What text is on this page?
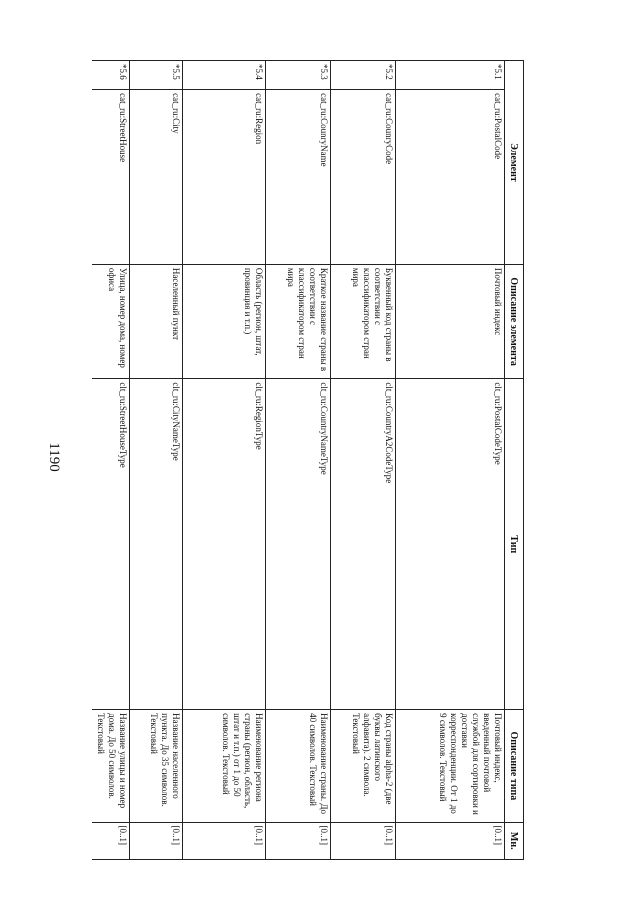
1190
Элемент		Описание элемента	Тип	Описание типа	Мн.
*5.1	cat_ru:PostalCode	Почтовый индекс	clt_ru:PostalCodeType	Почтовый индекс, введенный почтовой службой для сортировки и доставки корреспонденции. От 1 до 9 символов. Текстовый	[0..1]
*5.2	cat_ru:CounryCode	Буквенный код страны в соответствии с классификатором стран мира	clt_ru:CountryA2CodeType	Код страны alpha-2 (две буквы латинского алфавита). 2 символа. Текстовый	[0..1]
*5.3	cat_ru:CounryName	Краткое название страны в соответствии с классификатором стран мира	clt_ru:CountryNameType	Наименование страны. До 40 символов. Текстовый	[0..1]
*5.4	cat_ru:Region	Область (регион, штат, провинция и т.п.)	clt_ru:RegionType	Наименование региона страны (регион, область, штат и т.п.) от 1 до 50 символов. Текстовый	[0..1]
*5.5	cat_ru:City	Населенный пункт	clt_ru:CityNameType	Название населенного пункта. До 35 символов. Текстовый	[0..1]
*5.6	cat_ru:StreetHouse	Улица, номер дома, номер офиса	clt_ru:StreetHouseType	Название улицы и номер дома. До 50 символов. Текстовый	[0..1]
